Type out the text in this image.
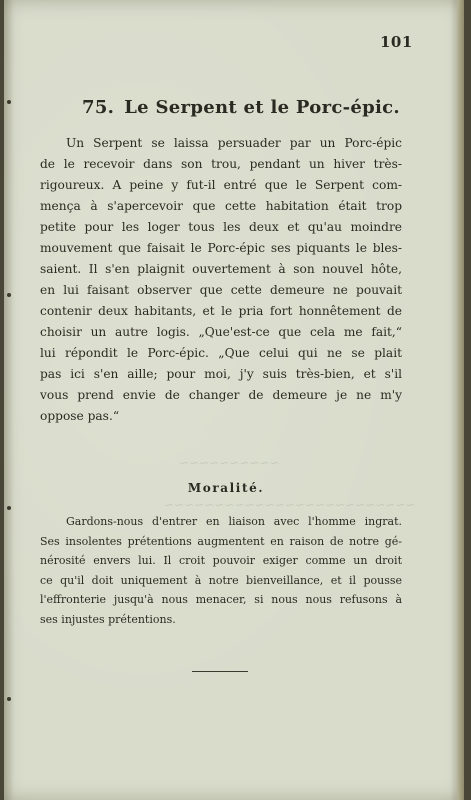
~~~~~~~~~~
~~~~~~~~~~~~~~~~~~~~~~~~~
101
75. Le Serpent et le Porc-épic.
Un Serpent se laissa persuader par un Porc-épic
de le recevoir dans son trou, pendant un hiver très-
rigoureux. A peine y fut-il entré que le Serpent com-
mença à s'apercevoir que cette habitation était trop
petite pour les loger tous les deux et qu'au moindre
mouvement que faisait le Porc-épic ses piquants le bles-
saient. Il s'en plaignit ouvertement à son nouvel hôte,
en lui faisant observer que cette demeure ne pouvait
contenir deux habitants, et le pria fort honnêtement de
choisir un autre logis. „Que'est-ce que cela me fait,“
lui répondit le Porc-épic. „Que celui qui ne se plait
pas ici s'en aille; pour moi, j'y suis très-bien, et s'il
vous prend envie de changer de demeure je ne m'y
oppose pas.“
Moralité.
Gardons-nous d'entrer en liaison avec l'homme ingrat.
Ses insolentes prétentions augmentent en raison de notre gé-
nérosité envers lui. Il croit pouvoir exiger comme un droit
ce qu'il doit uniquement à notre bienveillance, et il pousse
l'effronterie jusqu'à nous menacer, si nous nous refusons à
ses injustes prétentions.
